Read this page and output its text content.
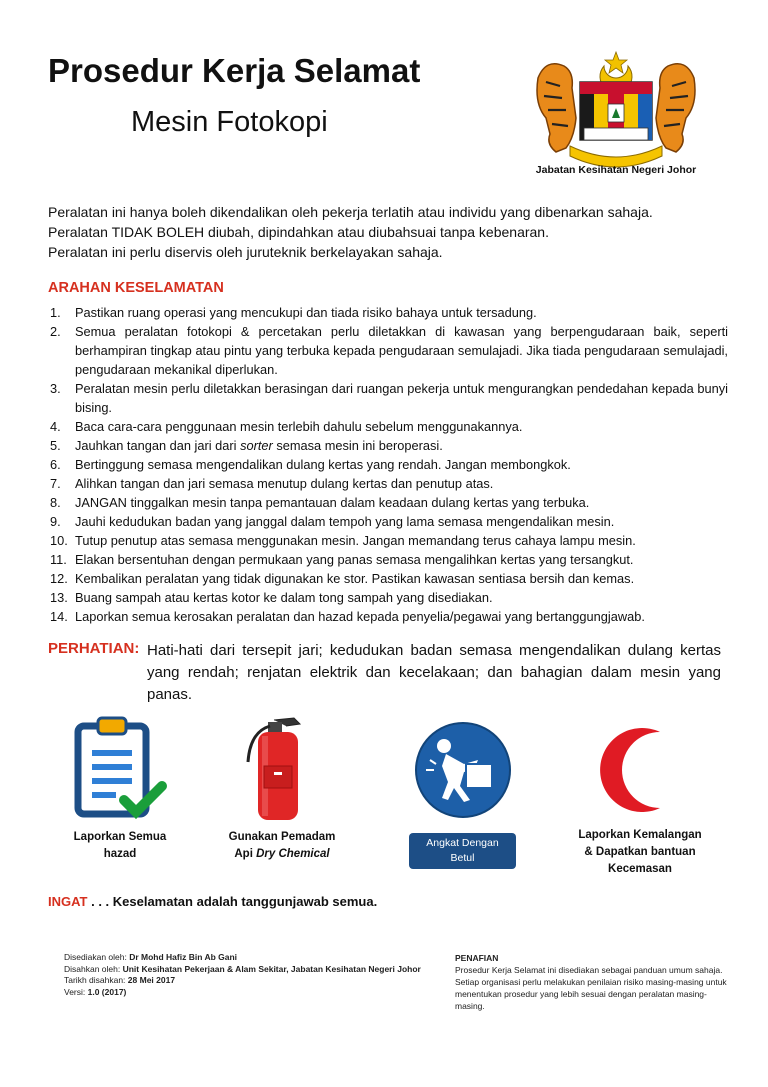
Prosedur Kerja Selamat
Mesin Fotokopi
Jabatan Kesihatan Negeri Johor
Peralatan ini hanya boleh dikendalikan oleh pekerja terlatih atau individu yang dibenarkan sahaja.
Peralatan TIDAK BOLEH diubah, dipindahkan atau diubahsuai tanpa kebenaran.
Peralatan ini perlu diservis oleh juruteknik berkelayakan sahaja.
ARAHAN KESELAMATAN
1. Pastikan ruang operasi yang mencukupi dan tiada risiko bahaya untuk tersadung.
2. Semua peralatan fotokopi & percetakan perlu diletakkan di kawasan yang berpengudaraan baik, seperti berhampiran tingkap atau pintu yang terbuka kepada pengudaraan semulajadi. Jika tiada pengudaraan semulajadi, pengudaraan mekanikal diperlukan.
3. Peralatan mesin perlu diletakkan berasingan dari ruangan pekerja untuk mengurangkan pendedahan kepada bunyi bising.
4. Baca cara-cara penggunaan mesin terlebih dahulu sebelum menggunakannya.
5. Jauhkan tangan dan jari dari sorter semasa mesin ini beroperasi.
6. Bertinggung semasa mengendalikan dulang kertas yang rendah. Jangan membongkok.
7. Alihkan tangan dan jari semasa menutup dulang kertas dan penutup atas.
8. JANGAN tinggalkan mesin tanpa pemantauan dalam keadaan dulang kertas yang terbuka.
9. Jauhi kedudukan badan yang janggal dalam tempoh yang lama semasa mengendalikan mesin.
10. Tutup penutup atas semasa menggunakan mesin. Jangan memandang terus cahaya lampu mesin.
11. Elakan bersentuhan dengan permukaan yang panas semasa mengalihkan kertas yang tersangkut.
12. Kembalikan peralatan yang tidak digunakan ke stor. Pastikan kawasan sentiasa bersih dan kemas.
13. Buang sampah atau kertas kotor ke dalam tong sampah yang disediakan.
14. Laporkan semua kerosakan peralatan dan hazad kepada penyelia/pegawai yang bertanggungjawab.
PERHATIAN: Hati-hati dari tersepit jari; kedudukan badan semasa mengendalikan dulang kertas yang rendah; renjatan elektrik dan kecelakaan; dan bahagian dalam mesin yang panas.
Laporkan Semua
hazad
Gunakan Pemadam
Api Dry Chemical
Angkat Dengan
Betul
Laporkan Kemalangan
& Dapatkan bantuan
Kecemasan
INGAT . . . Keselamatan adalah tanggunjawab semua.
Disediakan oleh: Dr Mohd Hafiz Bin Ab Gani
Disahkan oleh: Unit Kesihatan Pekerjaan & Alam Sekitar, Jabatan Kesihatan Negeri Johor
Tarikh disahkan: 28 Mei 2017
Versi: 1.0 (2017)
PENAFIAN
Prosedur Kerja Selamat ini disediakan sebagai panduan umum sahaja. Setiap organisasi perlu melakukan penilaian risiko masing-masing untuk menentukan prosedur yang lebih sesuai dengan peralatan masing-masing.
